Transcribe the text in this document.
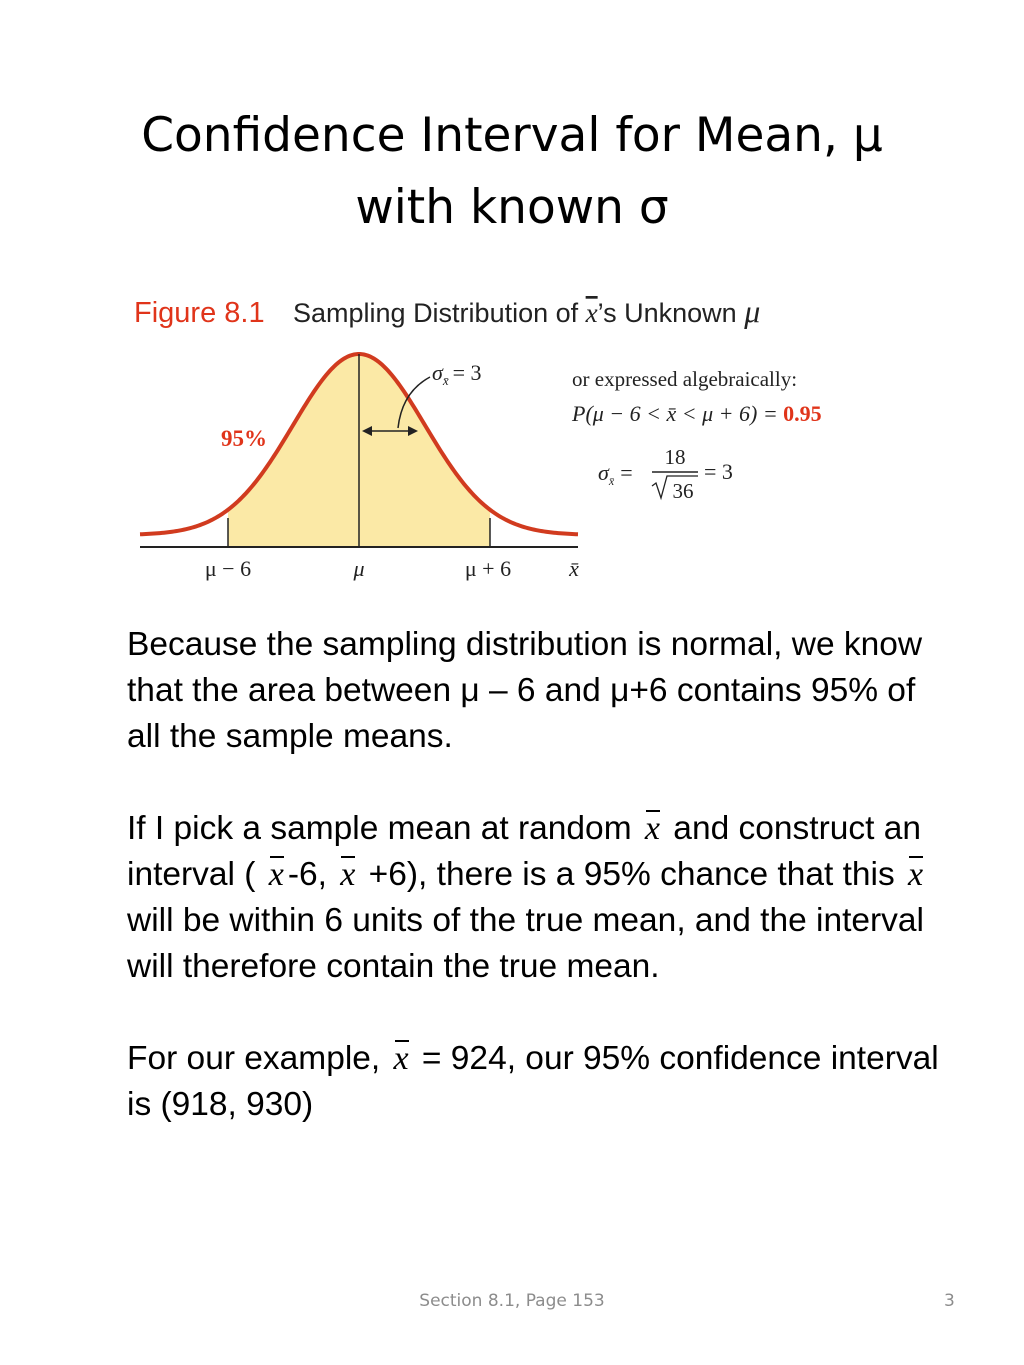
Confidence Interval for Mean, μ
with known σ
Figure 8.1 Sampling Distribution of x’s Unknown μ
$\sigma_{x̄} = 3$
95%
μ − 6	μ	μ + 6	x̄
or expressed algebraically:
P(μ − 6 < x̄ < μ + 6) = 0.95
$\sigma_{x̄}$ =
18
36
= 3

Because the sampling distribution is normal, we know that the area between μ – 6 and μ+6 contains 95% of all the sample means.

If I pick a sample mean at random x and construct an interval ( x -6, x +6), there is a 95% chance that this x will be within 6 units of the true mean, and the interval will therefore contain the true mean.

For our example, x = 924, our 95% confidence interval is (918, 930)

Section 8.1, Page 153	3
